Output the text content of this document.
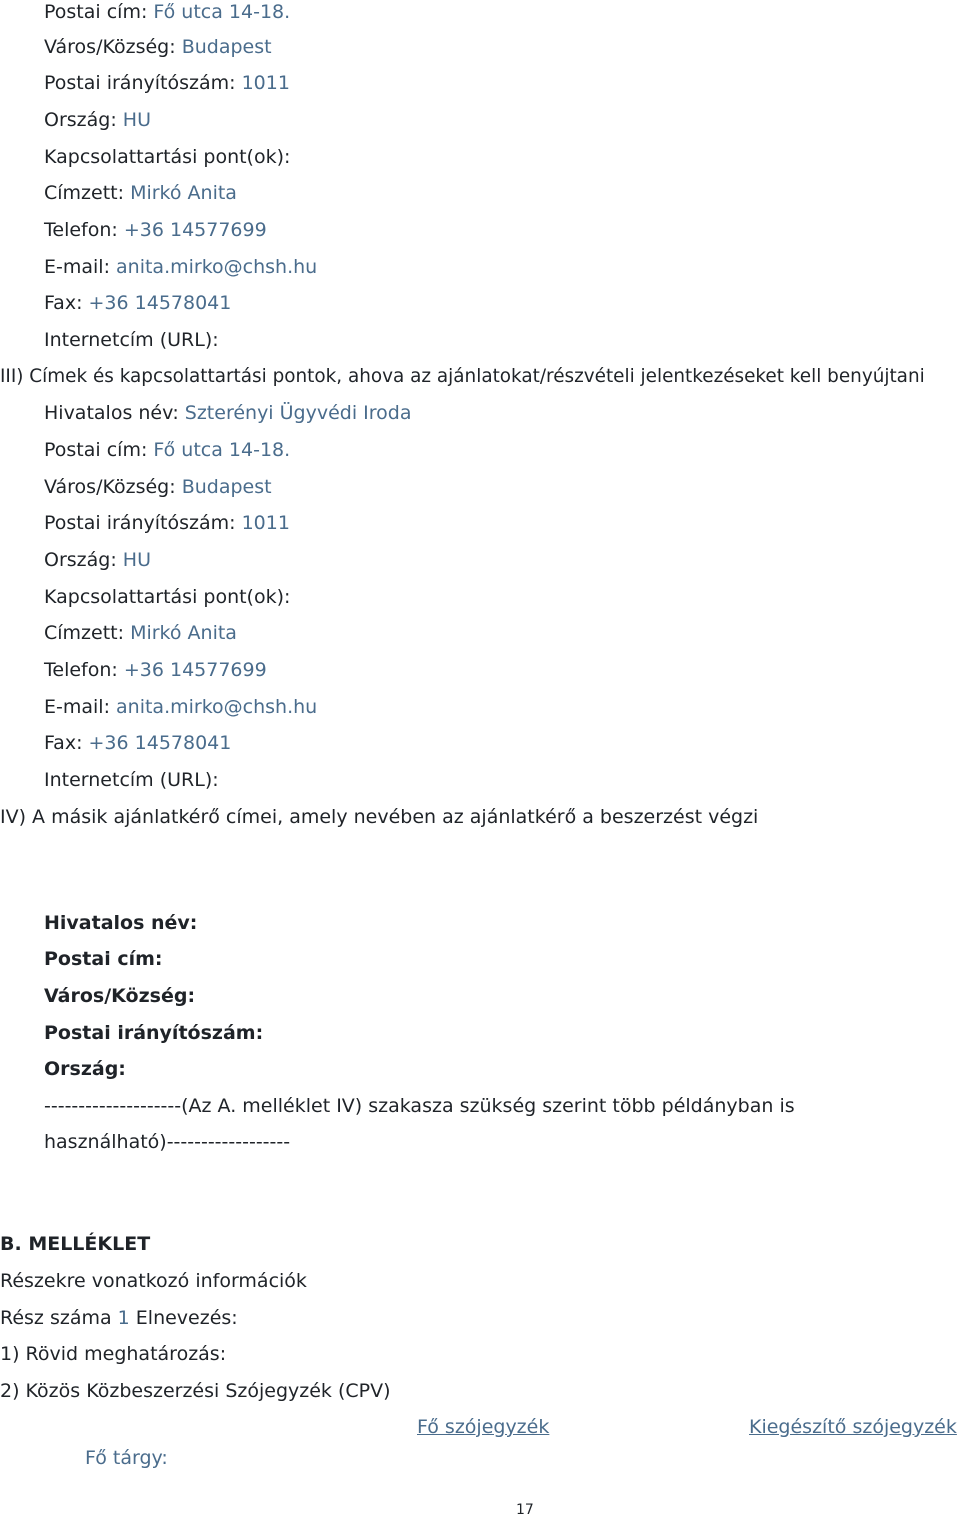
Postai cím: Fő utca 14-18.
Város/Község: Budapest
Postai irányítószám: 1011
Ország: HU
Kapcsolattartási pont(ok):
Címzett: Mirkó Anita
Telefon: +36 14577699
E-mail: anita.mirko@chsh.hu
Fax: +36 14578041
Internetcím (URL):
III) Címek és kapcsolattartási pontok, ahova az ajánlatokat/részvételi jelentkezéseket kell benyújtani
Hivatalos név: Szterényi Ügyvédi Iroda
Postai cím: Fő utca 14-18.
Város/Község: Budapest
Postai irányítószám: 1011
Ország: HU
Kapcsolattartási pont(ok):
Címzett: Mirkó Anita
Telefon: +36 14577699
E-mail: anita.mirko@chsh.hu
Fax: +36 14578041
Internetcím (URL):
IV) A másik ajánlatkérő címei, amely nevében az ajánlatkérő a beszerzést végzi
Hivatalos név:
Postai cím:
Város/Község:
Postai irányítószám:
Ország:
--------------------(Az A. melléklet IV) szakasza szükség szerint több példányban is
használható)------------------
B. MELLÉKLET
Részekre vonatkozó információk
Rész száma 1 Elnevezés:
1) Rövid meghatározás:
2) Közös Közbeszerzési Szójegyzék (CPV)
Fő szójegyzék	Kiegészítő szójegyzék
Fő tárgy:
17
